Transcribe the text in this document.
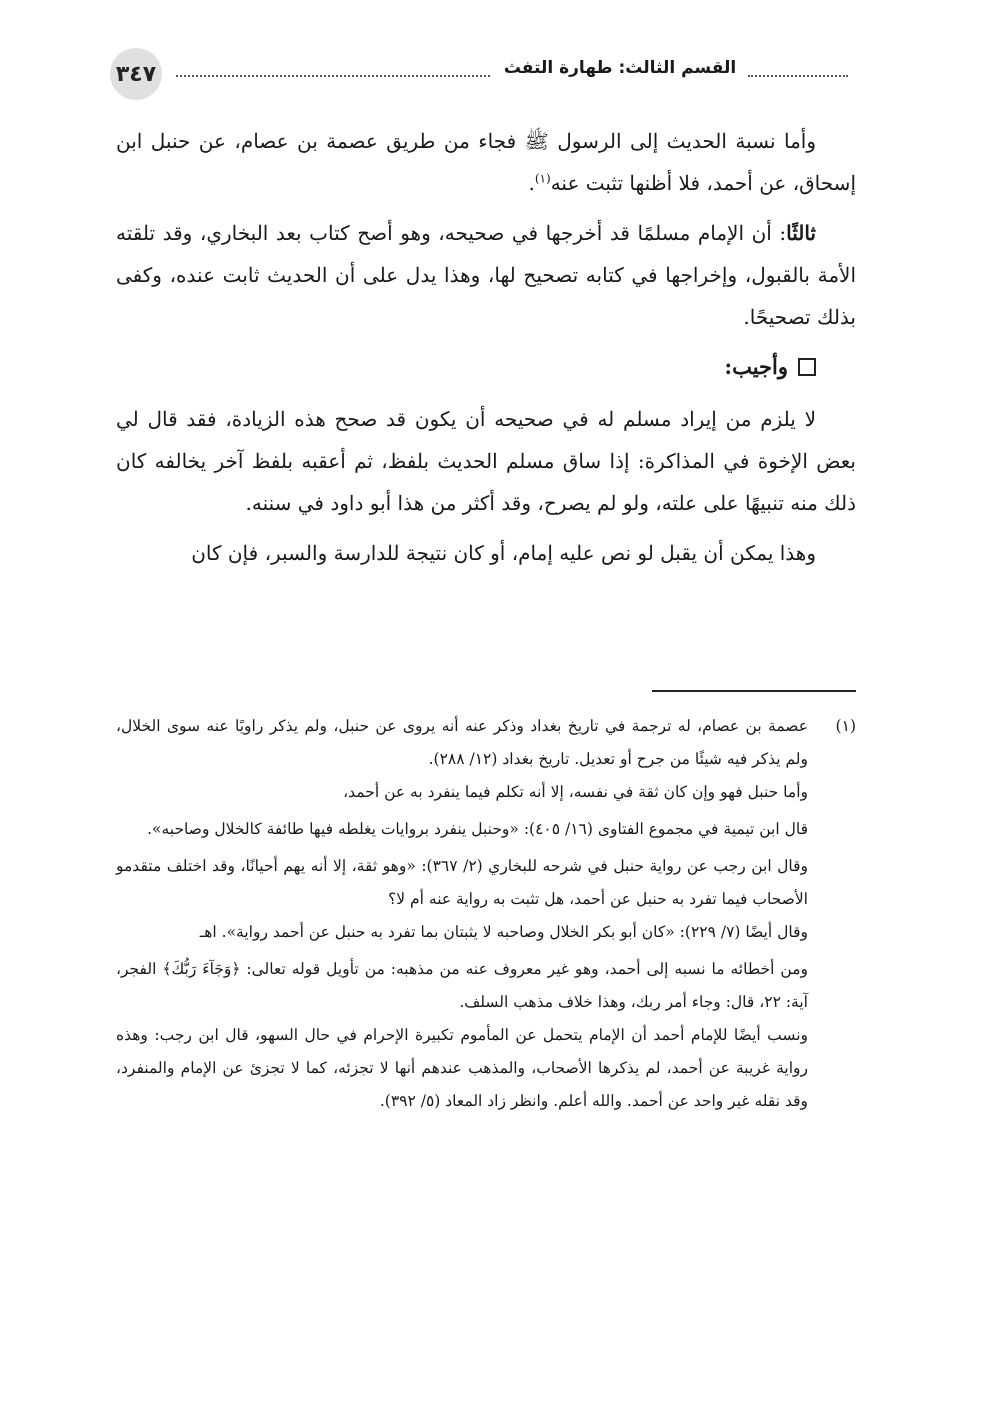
٣٤٧	القسم الثالث: طهارة التفث

وأما نسبة الحديث إلى الرسول ﷺ فجاء من طريق عصمة بن عصام، عن حنبل ابن إسحاق، عن أحمد، فلا أظنها تثبت عنه$^{(١)}$.

ثالثًا: أن الإمام مسلمًا قد أخرجها في صحيحه، وهو أصح كتاب بعد البخاري، وقد تلقته الأمة بالقبول، وإخراجها في كتابه تصحيح لها، وهذا يدل على أن الحديث ثابت عنده، وكفى بذلك تصحيحًا.

وأجيب:

لا يلزم من إيراد مسلم له في صحيحه أن يكون قد صحح هذه الزيادة، فقد قال لي بعض الإخوة في المذاكرة: إذا ساق مسلم الحديث بلفظ، ثم أعقبه بلفظ آخر يخالفه كان ذلك منه تنبيهًا على علته، ولو لم يصرح، وقد أكثر من هذا أبو داود في سننه.

وهذا يمكن أن يقبل لو نص عليه إمام، أو كان نتيجة للدارسة والسبر، فإن كان

(١)
عصمة بن عصام، له ترجمة في تاريخ بغداد وذكر عنه أنه يروى عن حنبل، ولم يذكر راويًا عنه سوى الخلال، ولم يذكر فيه شيئًا من جرح أو تعديل. تاريخ بغداد (١٢/ ٢٨٨).

وأما حنبل فهو وإن كان ثقة في نفسه، إلا أنه تكلم فيما ينفرد به عن أحمد،

قال ابن تيمية في مجموع الفتاوى (١٦/ ٤٠٥): «وحنبل ينفرد بروايات يغلطه فيها طائفة كالخلال وصاحبه».

وقال ابن رجب عن رواية حنبل في شرحه للبخاري (٢/ ٣٦٧): «وهو ثقة، إلا أنه يهم أحيانًا، وقد اختلف متقدمو الأصحاب فيما تفرد به حنبل عن أحمد، هل تثبت به رواية عنه أم لا؟

وقال أيضًا (٧/ ٢٢٩): «كان أبو بكر الخلال وصاحبه لا يثبتان بما تفرد به حنبل عن أحمد رواية». اهـ

ومن أخطائه ما نسبه إلى أحمد، وهو غير معروف عنه من مذهبه: من تأويل قوله تعالى: ﴿وَجَآءَ رَبُّكَ﴾ الفجر، آية: ٢٢، قال: وجاء أمر ربك، وهذا خلاف مذهب السلف.

ونسب أيضًا للإمام أحمد أن الإمام يتحمل عن المأموم تكبيرة الإحرام في حال السهو، قال ابن رجب: وهذه رواية غريبة عن أحمد، لم يذكرها الأصحاب، والمذهب عندهم أنها لا تجزئه، كما لا تجزئ عن الإمام والمنفرد، وقد نقله غير واحد عن أحمد. والله أعلم. وانظر زاد المعاد (٥/ ٣٩٢).
